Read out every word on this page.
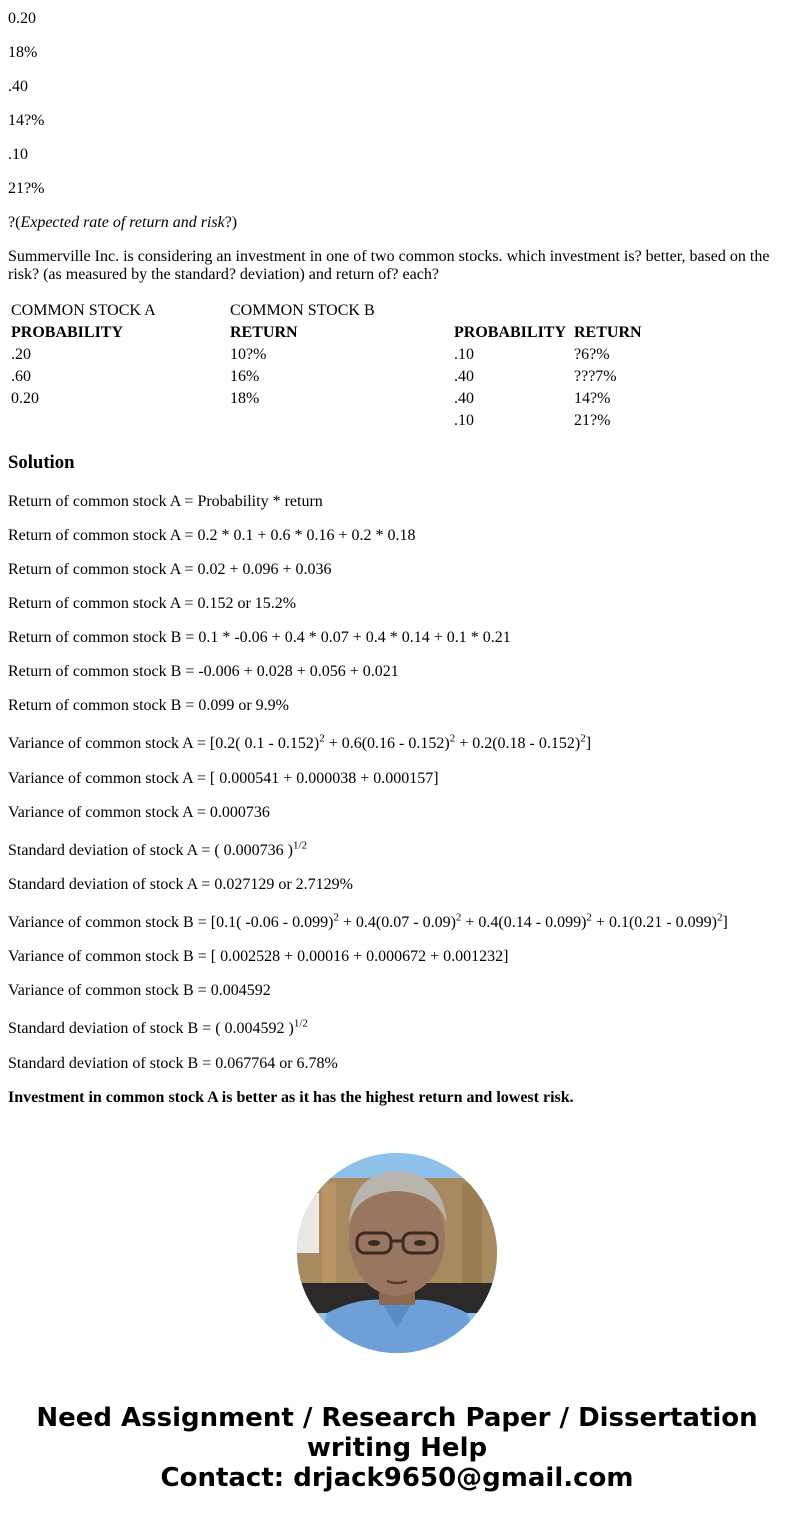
0.20

18%

.40

14?%

.10

21?%

?(Expected rate of return and risk?)

Summerville Inc. is considering an investment in one of two common stocks. which investment is? better, based on the risk? (as measured by the standard? deviation) and return of? each?

COMMON STOCK A	COMMON STOCK B		
PROBABILITY	RETURN	PROBABILITY	RETURN
.20	10?%	.10	?6?%
.60	16%	.40	???7%
0.20	18%	.40	14?%
		.10	21?%
Solution

Return of common stock A = Probability * return

Return of common stock A = 0.2 * 0.1 + 0.6 * 0.16 + 0.2 * 0.18

Return of common stock A = 0.02 + 0.096 + 0.036

Return of common stock A = 0.152 or 15.2%

Return of common stock B = 0.1 * -0.06 + 0.4 * 0.07 + 0.4 * 0.14 + 0.1 * 0.21

Return of common stock B = -0.006 + 0.028 + 0.056 + 0.021

Return of common stock B = 0.099 or 9.9%

Variance of common stock A = [0.2( 0.1 - 0.152)$^2$ + 0.6(0.16 - 0.152)$^2$ + 0.2(0.18 - 0.152)$^2$]

Variance of common stock A = [ 0.000541 + 0.000038 + 0.000157]

Variance of common stock A = 0.000736

Standard deviation of stock A = ( 0.000736 )$^{1/2}$

Standard deviation of stock A = 0.027129 or 2.7129%

Variance of common stock B = [0.1( -0.06 - 0.099)$^2$ + 0.4(0.07 - 0.09)$^2$ + 0.4(0.14 - 0.099)$^2$ + 0.1(0.21 - 0.099)$^2$]

Variance of common stock B = [ 0.002528 + 0.00016 + 0.000672 + 0.001232]

Variance of common stock B = 0.004592

Standard deviation of stock B = ( 0.004592 )$^{1/2}$

Standard deviation of stock B = 0.067764 or 6.78%

Investment in common stock A is better as it has the highest return and lowest risk.

Need Assignment / Research Paper / Dissertation
writing Help
Contact: drjack9650@gmail.com
